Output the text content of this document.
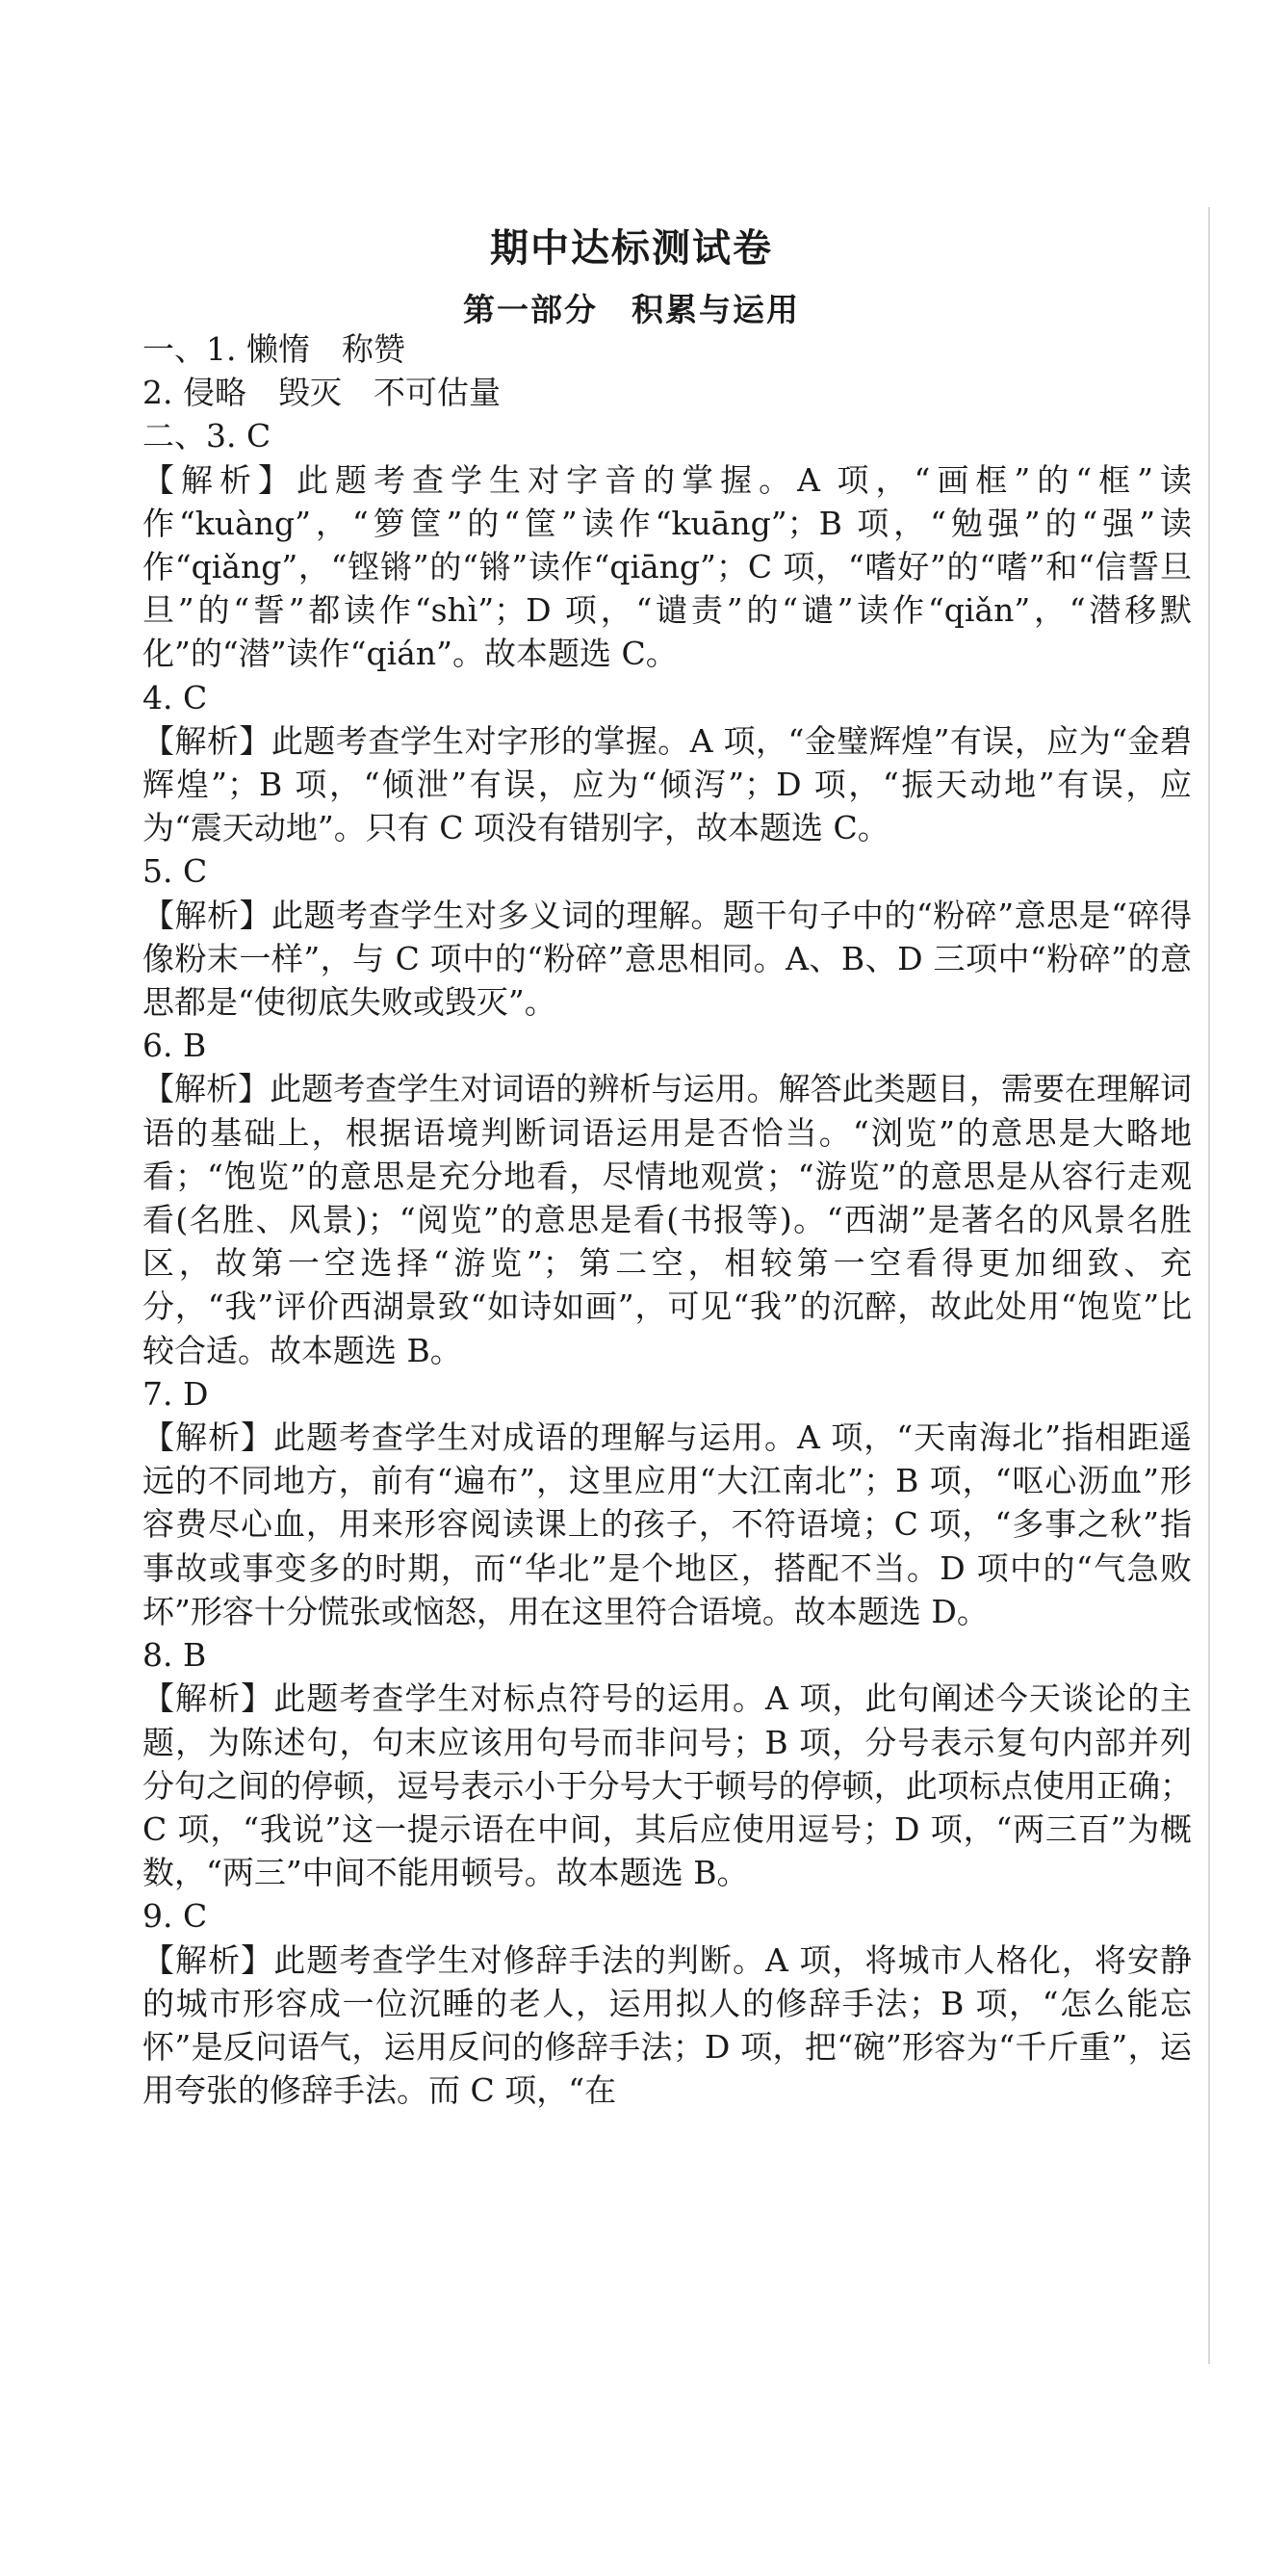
期中达标测试卷
第一部分　积累与运用

一、1. 懒惰　称赞

2. 侵略　毁灭　不可估量

二、3. C

【解析】此题考查学生对字音的掌握。A 项，“画框”的“框”读作“kuàng”，“箩筐”的“筐”读作“kuāng”；B 项，“勉强”的“强”读作“qiǎng”，“铿锵”的“锵”读作“qiāng”；C 项，“嗜好”的“嗜”和“信誓旦旦”的“誓”都读作“shì”；D 项，“谴责”的“谴”读作“qiǎn”，“潜移默化”的“潜”读作“qián”。故本题选 C。

4. C

【解析】此题考查学生对字形的掌握。A 项，“金璧辉煌”有误，应为“金碧辉煌”；B 项，“倾泄”有误，应为“倾泻”；D 项，“振天动地”有误，应为“震天动地”。只有 C 项没有错别字，故本题选 C。

5. C

【解析】此题考查学生对多义词的理解。题干句子中的“粉碎”意思是“碎得像粉末一样”，与 C 项中的“粉碎”意思相同。A、B、D 三项中“粉碎”的意思都是“使彻底失败或毁灭”。

6. B

【解析】此题考查学生对词语的辨析与运用。解答此类题目，需要在理解词语的基础上，根据语境判断词语运用是否恰当。“浏览”的意思是大略地看；“饱览”的意思是充分地看，尽情地观赏；“游览”的意思是从容行走观看(名胜、风景)；“阅览”的意思是看(书报等)。“西湖”是著名的风景名胜区，故第一空选择“游览”；第二空，相较第一空看得更加细致、充分，“我”评价西湖景致“如诗如画”，可见“我”的沉醉，故此处用“饱览”比较合适。故本题选 B。

7. D

【解析】此题考查学生对成语的理解与运用。A 项，“天南海北”指相距遥远的不同地方，前有“遍布”，这里应用“大江南北”；B 项，“呕心沥血”形容费尽心血，用来形容阅读课上的孩子，不符语境；C 项，“多事之秋”指事故或事变多的时期，而“华北”是个地区，搭配不当。D 项中的“气急败坏”形容十分慌张或恼怒，用在这里符合语境。故本题选 D。

8. B

【解析】此题考查学生对标点符号的运用。A 项，此句阐述今天谈论的主题，为陈述句，句末应该用句号而非问号；B 项，分号表示复句内部并列分句之间的停顿，逗号表示小于分号大于顿号的停顿，此项标点使用正确；C 项，“我说”这一提示语在中间，其后应使用逗号；D 项，“两三百”为概数，“两三”中间不能用顿号。故本题选 B。

9. C

【解析】此题考查学生对修辞手法的判断。A 项，将城市人格化，将安静的城市形容成一位沉睡的老人，运用拟人的修辞手法；B 项，“怎么能忘怀”是反问语气，运用反问的修辞手法；D 项，把“碗”形容为“千斤重”，运用夸张的修辞手法。而 C 项，“在
